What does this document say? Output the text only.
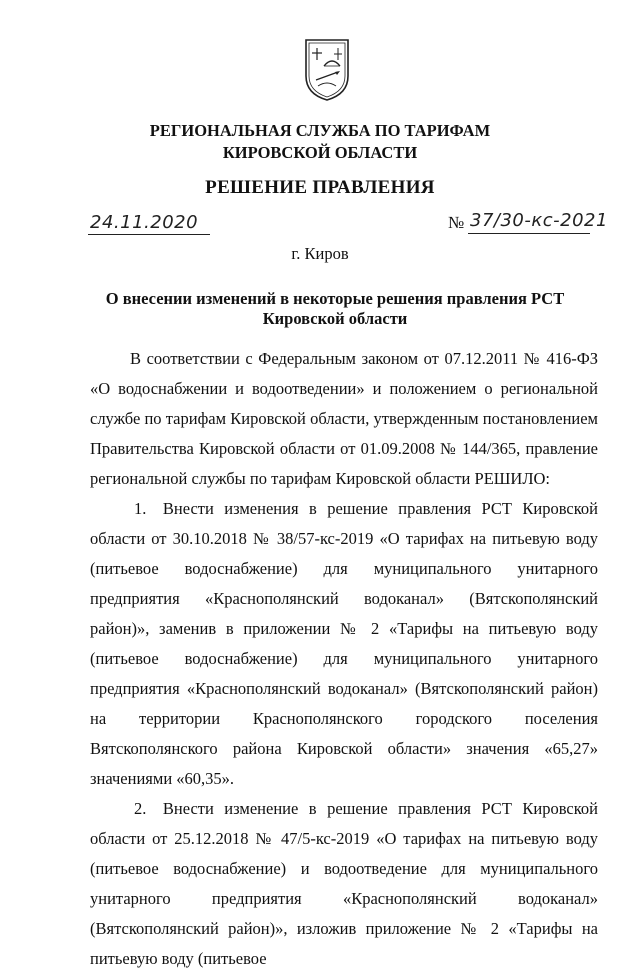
РЕГИОНАЛЬНАЯ СЛУЖБА ПО ТАРИФАМ
КИРОВСКОЙ ОБЛАСТИ
РЕШЕНИЕ ПРАВЛЕНИЯ
24.11.2020	№ 37/30-кс-2021
г. Киров
О внесении изменений в некоторые решения правления РСТ
Кировской области

В соответствии с Федеральным законом от 07.12.2011 № 416-ФЗ «О водоснабжении и водоотведении» и положением о региональной службе по тарифам Кировской области, утвержденным постановлением Правительства Кировской области от 01.09.2008 № 144/365, правление региональной службы по тарифам Кировской области РЕШИЛО:

1. Внести изменения в решение правления РСТ Кировской области от 30.10.2018 № 38/57-кс-2019 «О тарифах на питьевую воду (питьевое водоснабжение) для муниципального унитарного предприятия «Краснополянский водоканал» (Вятскополянский район)», заменив в приложении № 2 «Тарифы на питьевую воду (питьевое водоснабжение) для муниципального унитарного предприятия «Краснополянский водоканал» (Вятскополянский район) на территории Краснополянского городского поселения Вятскополянского района Кировской области» значения «65,27» значениями «60,35».

2. Внести изменение в решение правления РСТ Кировской области от 25.12.2018 № 47/5-кс-2019 «О тарифах на питьевую воду (питьевое водоснабжение) и водоотведение для муниципального унитарного предприятия «Краснополянский водоканал» (Вятскополянский район)», изложив приложение № 2 «Тарифы на питьевую воду (питьевое
